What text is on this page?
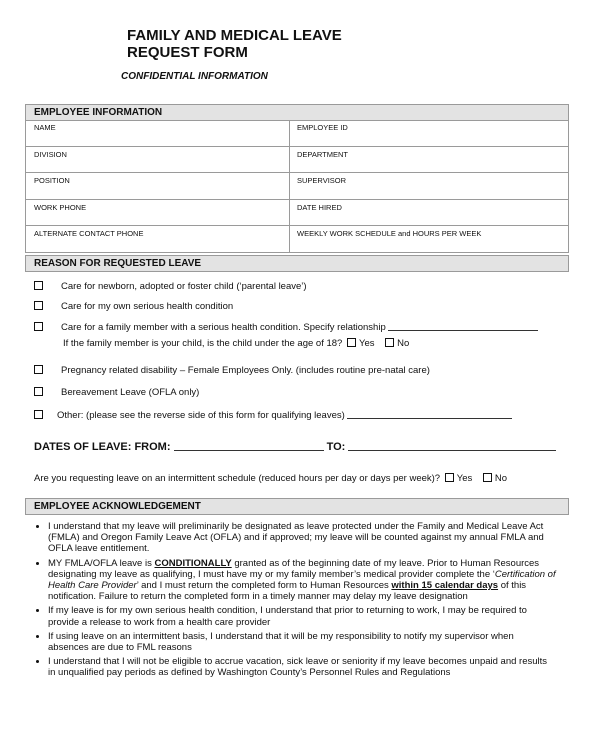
FAMILY AND MEDICAL LEAVE
REQUEST FORM
CONFIDENTIAL INFORMATION
EMPLOYEE INFORMATION
NAME	EMPLOYEE ID
DIVISION	DEPARTMENT
POSITION	SUPERVISOR
WORK PHONE	DATE HIRED
ALTERNATE CONTACT PHONE	WEEKLY WORK SCHEDULE and HOURS PER WEEK
REASON FOR REQUESTED LEAVE
Care for newborn, adopted or foster child (‘parental leave’)
Care for my own serious health condition
Care for a family member with a serious health condition. Specify relationship
If the family member is your child, is the child under the age of 18? Yes No
Pregnancy related disability – Female Employees Only. (includes routine pre-natal care)
Bereavement Leave (OFLA only)
Other: (please see the reverse side of this form for qualifying leaves)
DATES OF LEAVE: FROM:	TO:
Are you requesting leave on an intermittent schedule (reduced hours per day or days per week)? Yes No
EMPLOYEE ACKNOWLEDGEMENT
• I understand that my leave will preliminarily be designated as leave protected under the Family and Medical Leave Act (FMLA) and Oregon Family Leave Act (OFLA) and if approved; my leave will be counted against my annual FMLA and OFLA leave entitlement.
• MY FMLA/OFLA leave is CONDITIONALLY granted as of the beginning date of my leave. Prior to Human Resources designating my leave as qualifying, I must have my or my family member’s medical provider complete the ‘Certification of Health Care Provider’ and I must return the completed form to Human Resources within 15 calendar days of this notification. Failure to return the completed form in a timely manner may delay my leave designation
• If my leave is for my own serious health condition, I understand that prior to returning to work, I may be required to provide a release to work from a health care provider
• If using leave on an intermittent basis, I understand that it will be my responsibility to notify my supervisor when absences are due to FML reasons
• I understand that I will not be eligible to accrue vacation, sick leave or seniority if my leave becomes unpaid and results in unqualified pay periods as defined by Washington County’s Personnel Rules and Regulations
